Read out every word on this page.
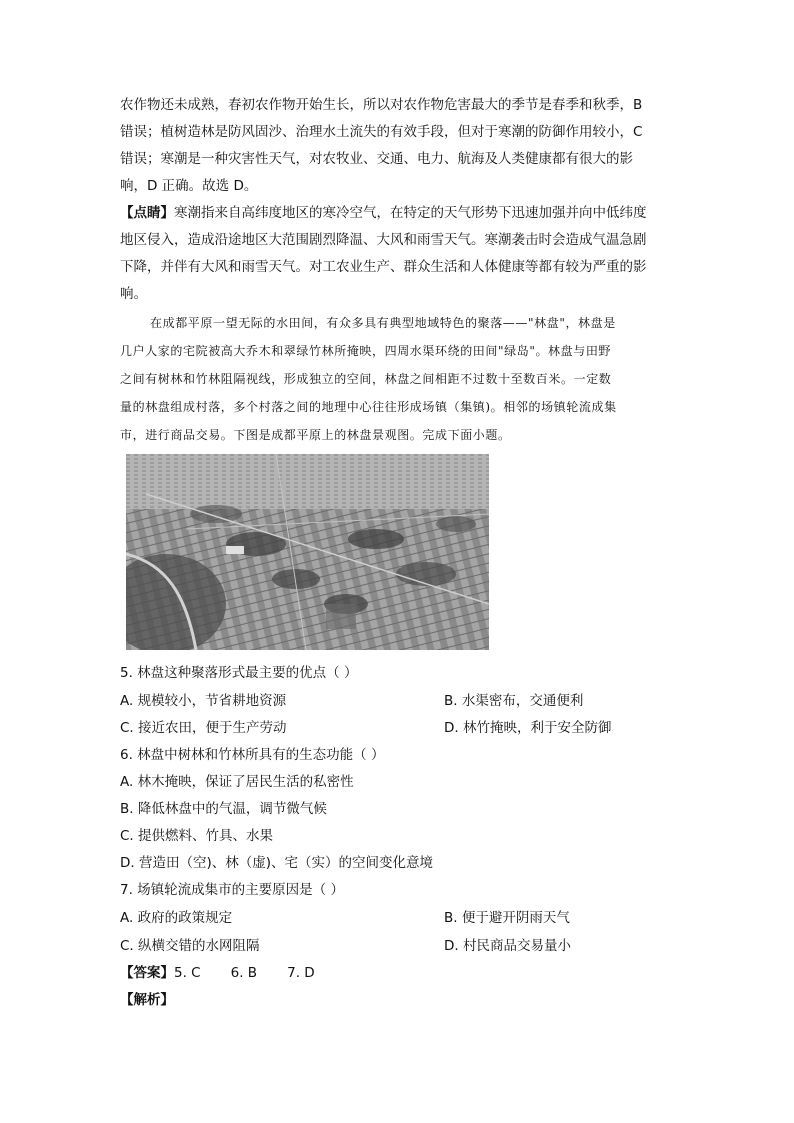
农作物还未成熟，春初农作物开始生长，所以对农作物危害最大的季节是春季和秋季，B
错误；植树造林是防风固沙、治理水土流失的有效手段，但对于寒潮的防御作用较小，C
错误；寒潮是一种灾害性天气，对农牧业、交通、电力、航海及人类健康都有很大的影
响，D 正确。故选 D。
【点睛】寒潮指来自高纬度地区的寒冷空气，在特定的天气形势下迅速加强并向中低纬度
地区侵入，造成沿途地区大范围剧烈降温、大风和雨雪天气。寒潮袭击时会造成气温急剧
下降，并伴有大风和雨雪天气。对工农业生产、群众生活和人体健康等都有较为严重的影
响。
在成都平原一望无际的水田间，有众多具有典型地域特色的聚落——"林盘"，林盘是
几户人家的宅院被高大乔木和翠绿竹林所掩映，四周水渠环绕的田间"绿岛"。林盘与田野
之间有树林和竹林阻隔视线，形成独立的空间，林盘之间相距不过数十至数百米。一定数
量的林盘组成村落，多个村落之间的地理中心往往形成场镇（集镇)。相邻的场镇轮流成集
市，进行商品交易。下图是成都平原上的林盘景观图。完成下面小题。
5. 林盘这种聚落形式最主要的优点（ ）
A. 规模较小，节省耕地资源	B. 水渠密布，交通便利
C. 接近农田，便于生产劳动	D. 林竹掩映，利于安全防御
6. 林盘中树林和竹林所具有的生态功能（ ）
A. 林木掩映，保证了居民生活的私密性
B. 降低林盘中的气温，调节微气候
C. 提供燃料、竹具、水果
D. 营造田（空)、林（虚)、宅（实）的空间变化意境
7. 场镇轮流成集市的主要原因是（ ）
A. 政府的政策规定	B. 便于避开阴雨天气
C. 纵横交错的水网阻隔	D. 村民商品交易量小
【答案】5. C       6. B       7. D
【解析】
